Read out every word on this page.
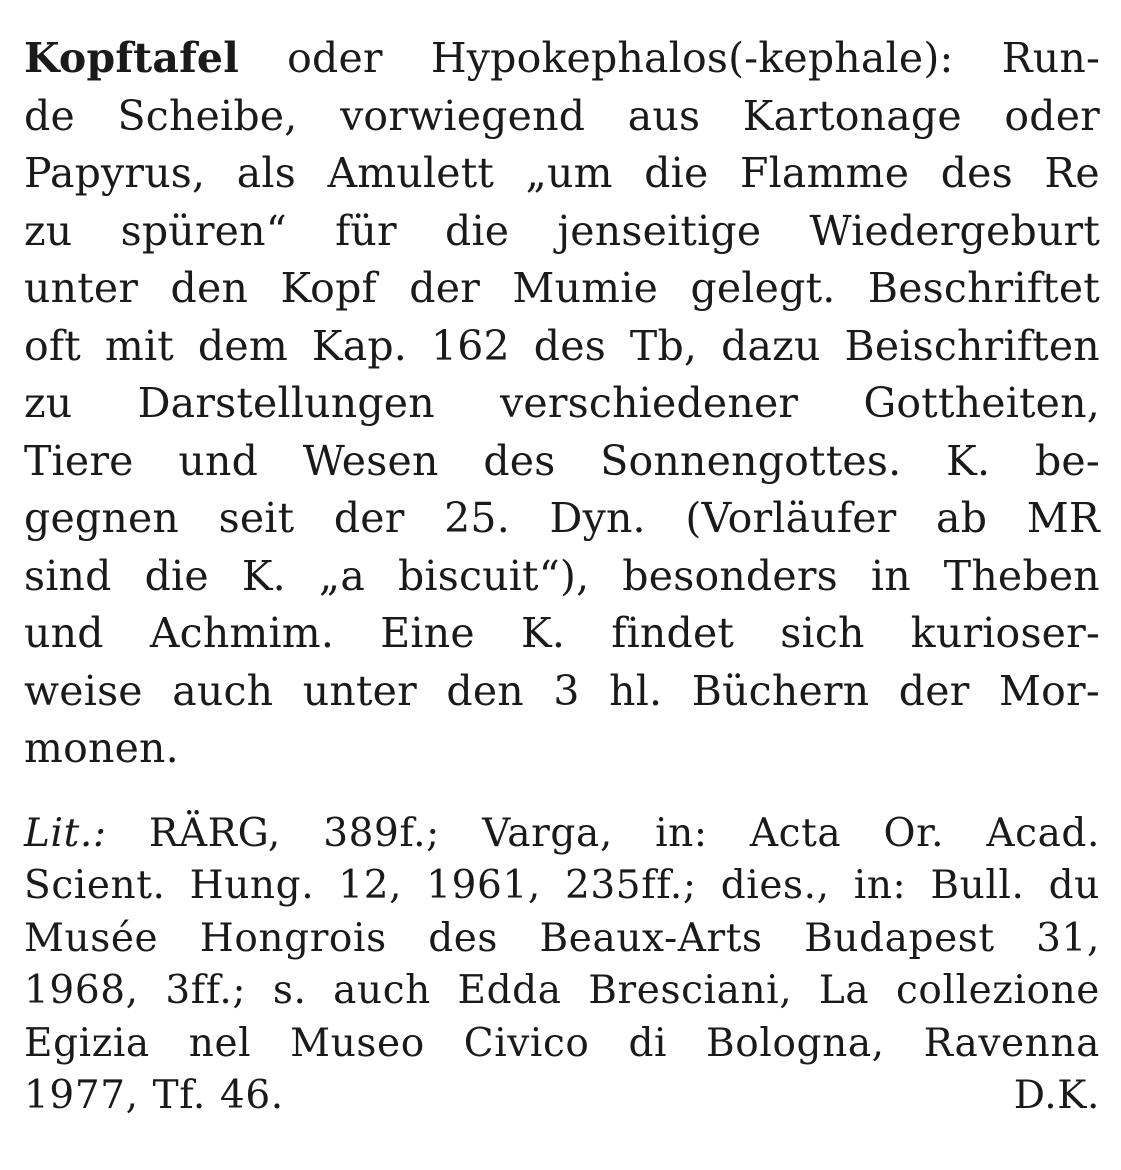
Kopftafel oder Hypokephalos(-kephale): Run-
de Scheibe, vorwiegend aus Kartonage oder
Papyrus, als Amulett „um die Flamme des Re
zu spüren“ für die jenseitige Wiedergeburt
unter den Kopf der Mumie gelegt. Beschriftet
oft mit dem Kap. 162 des Tb, dazu Beischriften
zu Darstellungen verschiedener Gottheiten,
Tiere und Wesen des Sonnengottes. K. be-
gegnen seit der 25. Dyn. (Vorläufer ab MR
sind die K. „a biscuit“), besonders in Theben
und Achmim. Eine K. findet sich kurioser-
weise auch unter den 3 hl. Büchern der Mor-
monen.
Lit.: RÄRG, 389f.; Varga, in: Acta Or. Acad.
Scient. Hung. 12, 1961, 235ff.; dies., in: Bull. du
Musée Hongrois des Beaux-Arts Budapest 31,
1968, 3ff.; s. auch Edda Bresciani, La collezione
Egizia nel Museo Civico di Bologna, Ravenna
1977, Tf. 46.	D.K.
